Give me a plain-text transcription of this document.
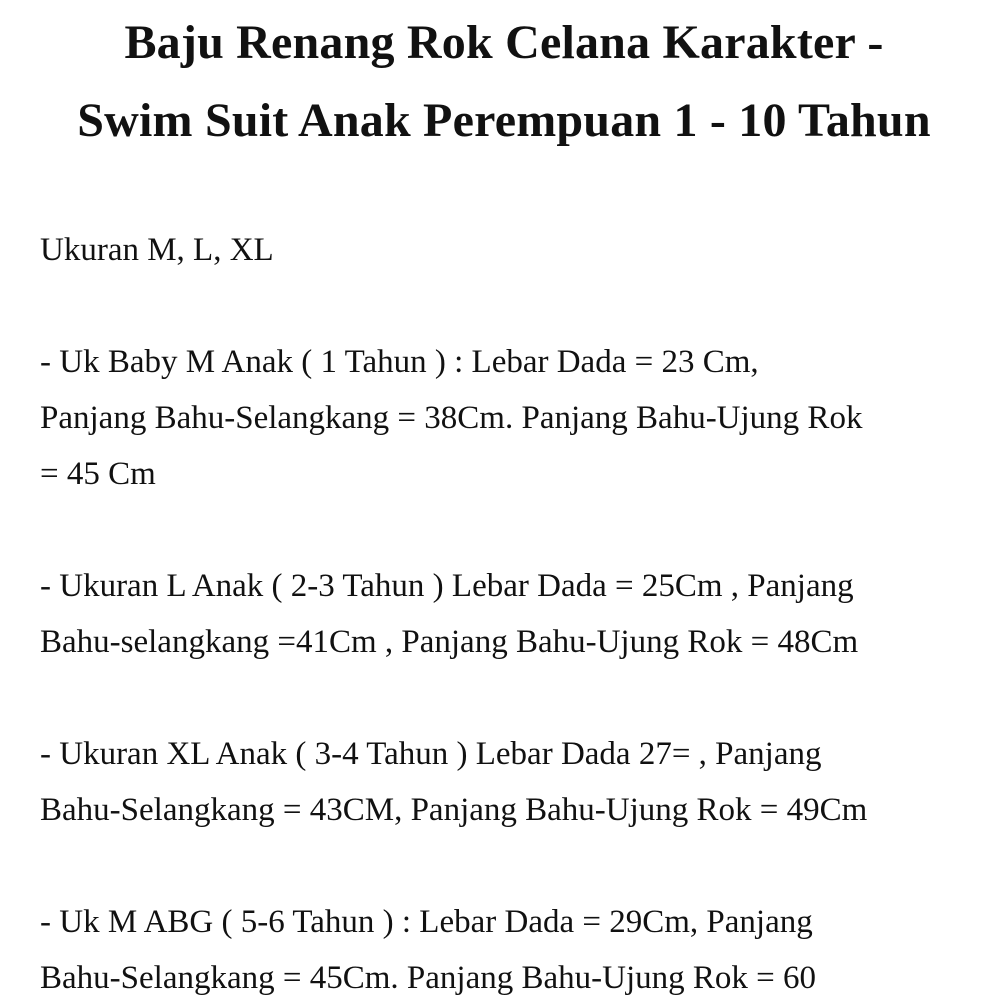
Baju Renang Rok Celana Karakter -
Swim Suit Anak Perempuan 1 - 10 Tahun

Ukuran M, L, XL

- Uk Baby M Anak ( 1 Tahun ) : Lebar Dada = 23 Cm,

Panjang Bahu-Selangkang = 38Cm. Panjang Bahu-Ujung Rok

= 45 Cm

- Ukuran L Anak ( 2-3 Tahun ) Lebar Dada = 25Cm , Panjang

Bahu-selangkang =41Cm , Panjang Bahu-Ujung Rok = 48Cm

- Ukuran XL Anak ( 3-4 Tahun ) Lebar Dada 27= , Panjang

Bahu-Selangkang = 43CM, Panjang Bahu-Ujung Rok = 49Cm

- Uk M ABG ( 5-6 Tahun ) : Lebar Dada = 29Cm, Panjang

Bahu-Selangkang = 45Cm. Panjang Bahu-Ujung Rok = 60
